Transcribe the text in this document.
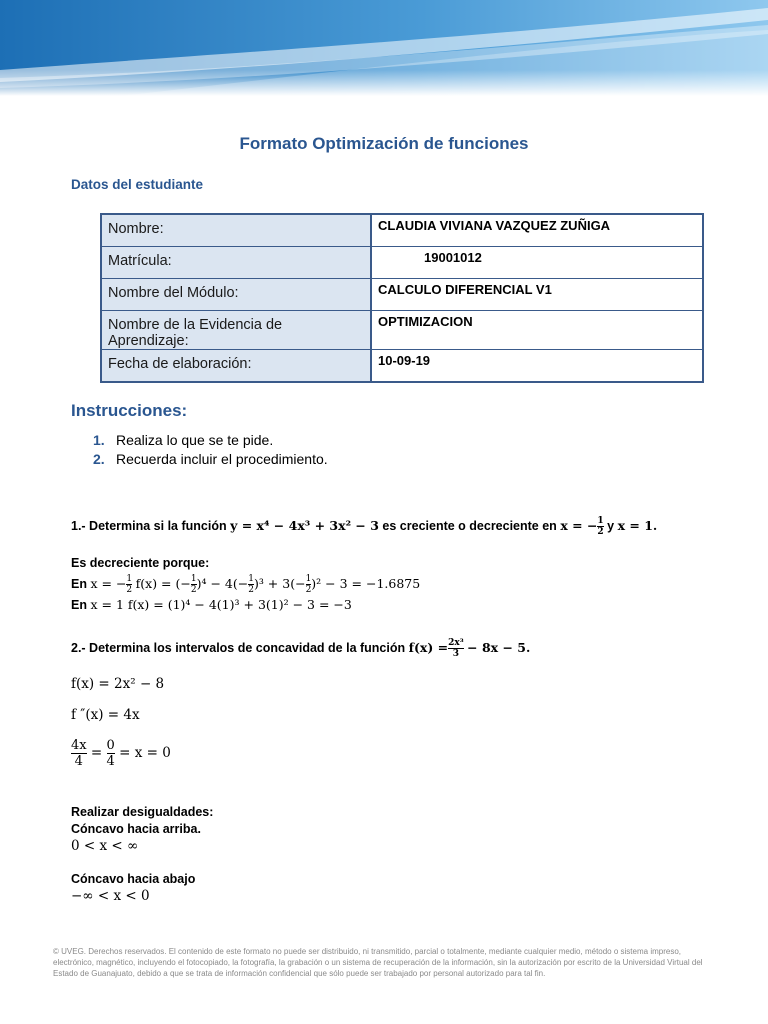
Formato Optimización de funciones
Datos del estudiante
Nombre:	CLAUDIA VIVIANA VAZQUEZ ZUÑIGA
Matrícula:	19001012
Nombre del Módulo:	CALCULO DIFERENCIAL V1
Nombre de la Evidencia de Aprendizaje:	OPTIMIZACION
Fecha de elaboración:	10-09-19
Instrucciones:
1. Realiza lo que se te pide.
2. Recuerda incluir el procedimiento.
1.- Determina si la función y = x⁴ − 4x³ + 3x² − 3 es creciente o decreciente en x = − $\frac{1}{2}$ y x = 1.
Es decreciente porque:
En x = − $\frac{1}{2} f(x)$ = (− $\frac{1}{2} )^4 - 4(- \frac{1}{2} )^3 + 3(- \frac{1}{2} )^2 - 3 = -1.6875$
En x = 1 f(x) = (1)⁴ − 4(1)³ + 3(1)² − 3 = −3
2.- Determina los intervalos de concavidad de la función $f(x) = \frac{\text{2x³}}{3} - 8x - 5$.
f(x) = 2x² − 8
f ″(x) = 4x
$\frac{4x}{4} = \frac{0}{4} = x = 0$
Realizar desigualdades:
Cóncavo hacia arriba.
0 < x < ∞
Cóncavo hacia abajo
−∞ < x < 0
© UVEG. Derechos reservados. El contenido de este formato no puede ser distribuido, ni transmitido, parcial o totalmente, mediante cualquier medio, método o sistema impreso, electrónico, magnético, incluyendo el fotocopiado, la fotografía, la grabación o un sistema de recuperación de la información, sin la autorización por escrito de la Universidad Virtual del Estado de Guanajuato, debido a que se trata de información confidencial que sólo puede ser trabajado por personal autorizado para tal fin.
